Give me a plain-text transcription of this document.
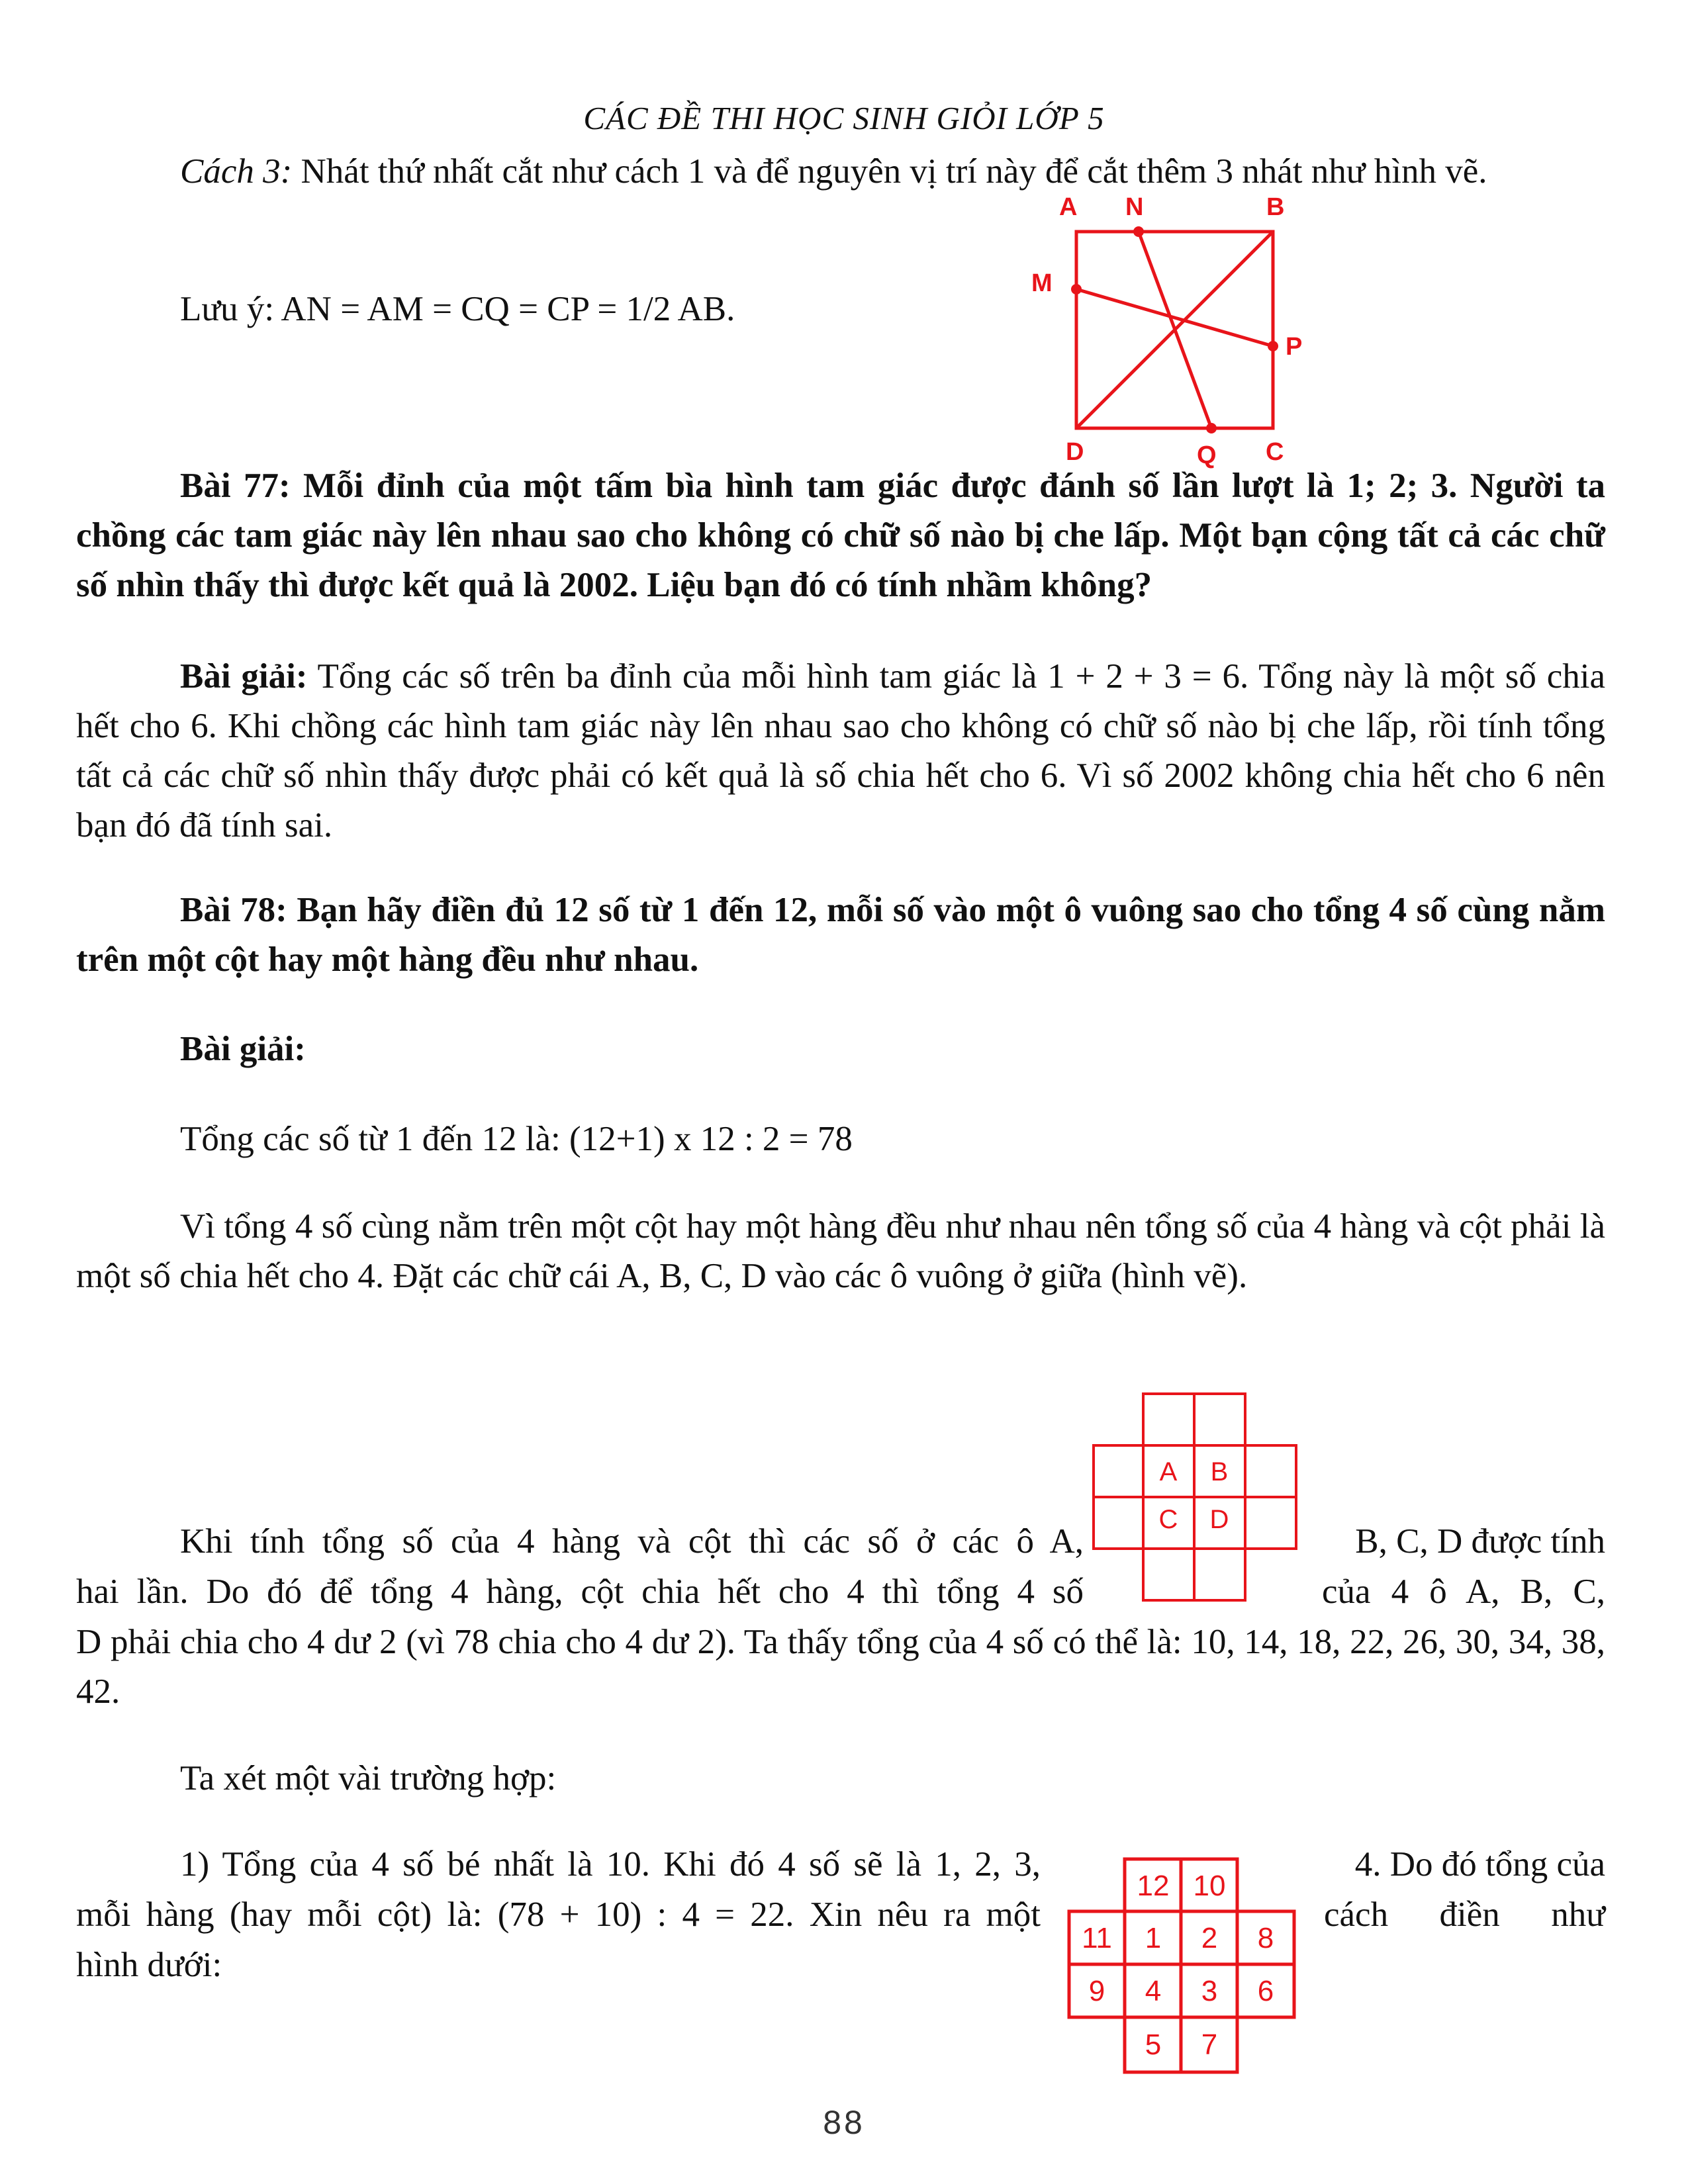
CÁC ĐỀ THI HỌC SINH GIỎI LỚP 5

Cách 3: Nhát thứ nhất cắt như cách 1 và để nguyên vị trí này để cắt thêm 3 nhát như hình vẽ.

Lưu ý: AN = AM = CQ = CP = 1/2 AB.

A N	B
M
P
D	Q C

Bài 77: Mỗi đỉnh của một tấm bìa hình tam giác được đánh số lần lượt là 1; 2; 3. Người ta chồng các tam giác này lên nhau sao cho không có chữ số nào bị che lấp. Một bạn cộng tất cả các chữ số nhìn thấy thì được kết quả là 2002. Liệu bạn đó có tính nhầm không?

Bài giải: Tổng các số trên ba đỉnh của mỗi hình tam giác là 1 + 2 + 3 = 6. Tổng này là một số chia hết cho 6. Khi chồng các hình tam giác này lên nhau sao cho không có chữ số nào bị che lấp, rồi tính tổng tất cả các chữ số nhìn thấy được phải có kết quả là số chia hết cho 6. Vì số 2002 không chia hết cho 6 nên bạn đó đã tính sai.

Bài 78: Bạn hãy điền đủ 12 số từ 1 đến 12, mỗi số vào một ô vuông sao cho tổng 4 số cùng nằm trên một cột hay một hàng đều như nhau.

Bài giải:

Tổng các số từ 1 đến 12 là: (12+1) x 12 : 2 = 78

Vì tổng 4 số cùng nằm trên một cột hay một hàng đều như nhau nên tổng số của 4 hàng và cột phải là một số chia hết cho 4. Đặt các chữ cái A, B, C, D vào các ô vuông ở giữa (hình vẽ).

A B
C D

Khi tính tổng số của 4 hàng và cột thì các số ở các ô A,	B, C, D được tính

hai lần. Do đó để tổng 4 hàng, cột chia hết cho 4 thì tổng 4 số	của 4 ô A, B, C,

D phải chia cho 4 dư 2 (vì 78 chia cho 4 dư 2). Ta thấy tổng của 4 số có thể là: 10, 14, 18, 22, 26, 30, 34, 38, 42.

Ta xét một vài trường hợp:

1) Tổng của 4 số bé nhất là 10. Khi đó 4 số sẽ là 1, 2, 3,	4. Do đó tổng của

mỗi hàng (hay mỗi cột) là: (78 + 10) : 4 = 22. Xin nêu ra một	cách điền như

hình dưới:

12 10
11 1 2 8
9 4 3 6
5 7
88
